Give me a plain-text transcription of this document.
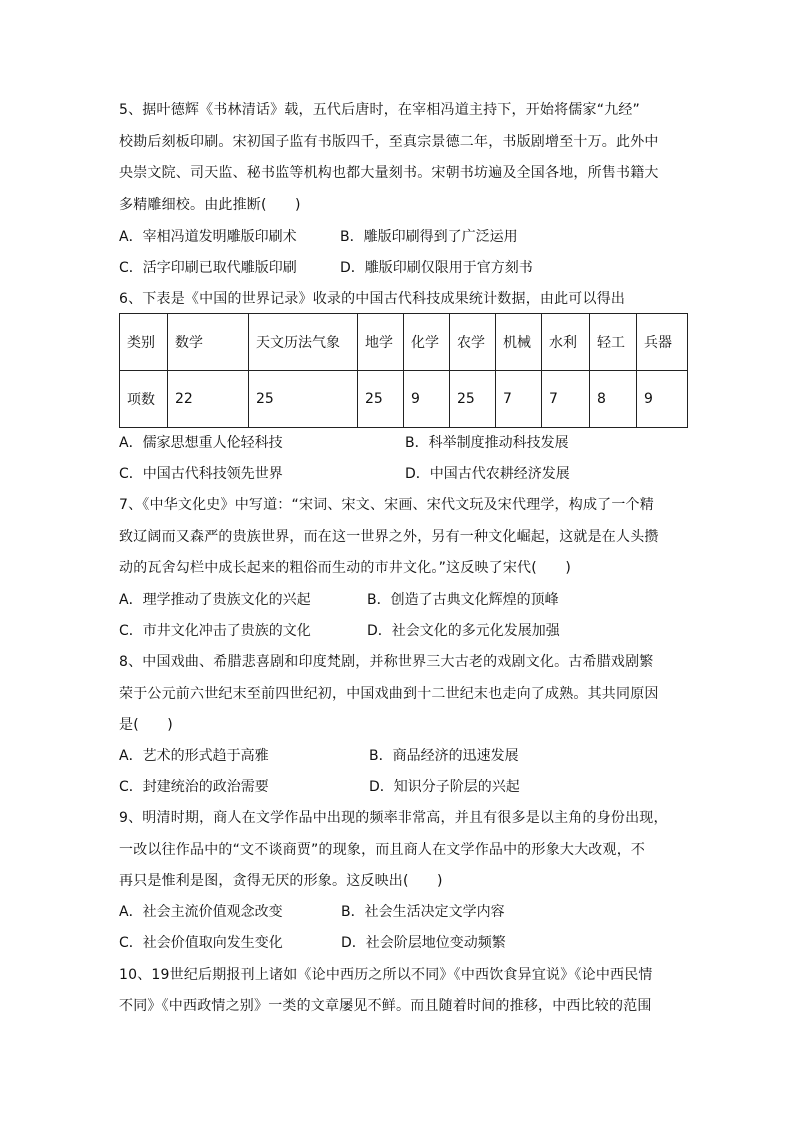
5、据叶德辉《书林清话》载，五代后唐时，在宰相冯道主持下，开始将儒家“九经”
校勘后刻板印刷。宋初国子监有书版四千，至真宗景德二年，书版剧增至十万。此外中
央崇文院、司天监、秘书监等机构也都大量刻书。宋朝书坊遍及全国各地，所售书籍大
多精雕细校。由此推断(　　)
A．宰相冯道发明雕版印刷术	B．雕版印刷得到了广泛运用
C．活字印刷已取代雕版印刷	D．雕版印刷仅限用于官方刻书
6、下表是《中国的世界记录》收录的中国古代科技成果统计数据，由此可以得出
类别	数学	天文历法气象	地学	化学	农学	机械	水利	轻工	兵器
项数	22	25	25	9	25	7	7	8	9
A．儒家思想重人伦轻科技	B．科举制度推动科技发展
C．中国古代科技领先世界	D．中国古代农耕经济发展
7、《中华文化史》中写道：“宋词、宋文、宋画、宋代文玩及宋代理学，构成了一个精
致辽阔而又森严的贵族世界，而在这一世界之外，另有一种文化崛起，这就是在人头攒
动的瓦舍勾栏中成长起来的粗俗而生动的市井文化。”这反映了宋代(　　)
A．理学推动了贵族文化的兴起	B．创造了古典文化辉煌的顶峰
C．市井文化冲击了贵族的文化	D．社会文化的多元化发展加强
8、中国戏曲、希腊悲喜剧和印度梵剧，并称世界三大古老的戏剧文化。古希腊戏剧繁
荣于公元前六世纪末至前四世纪初，中国戏曲到十二世纪末也走向了成熟。其共同原因
是(　　)
A．艺术的形式趋于高雅	B．商品经济的迅速发展
C．封建统治的政治需要	D．知识分子阶层的兴起
9、明清时期，商人在文学作品中出现的频率非常高，并且有很多是以主角的身份出现，
一改以往作品中的“文不谈商贾”的现象，而且商人在文学作品中的形象大大改观，不
再只是惟利是图，贪得无厌的形象。这反映出(　　)
A．社会主流价值观念改变	B．社会生活决定文学内容
C．社会价值取向发生变化	D．社会阶层地位变动频繁
10、19世纪后期报刊上诸如《论中西历之所以不同》《中西饮食异宜说》《论中西民情
不同》《中西政情之别》一类的文章屡见不鲜。而且随着时间的推移，中西比较的范围
